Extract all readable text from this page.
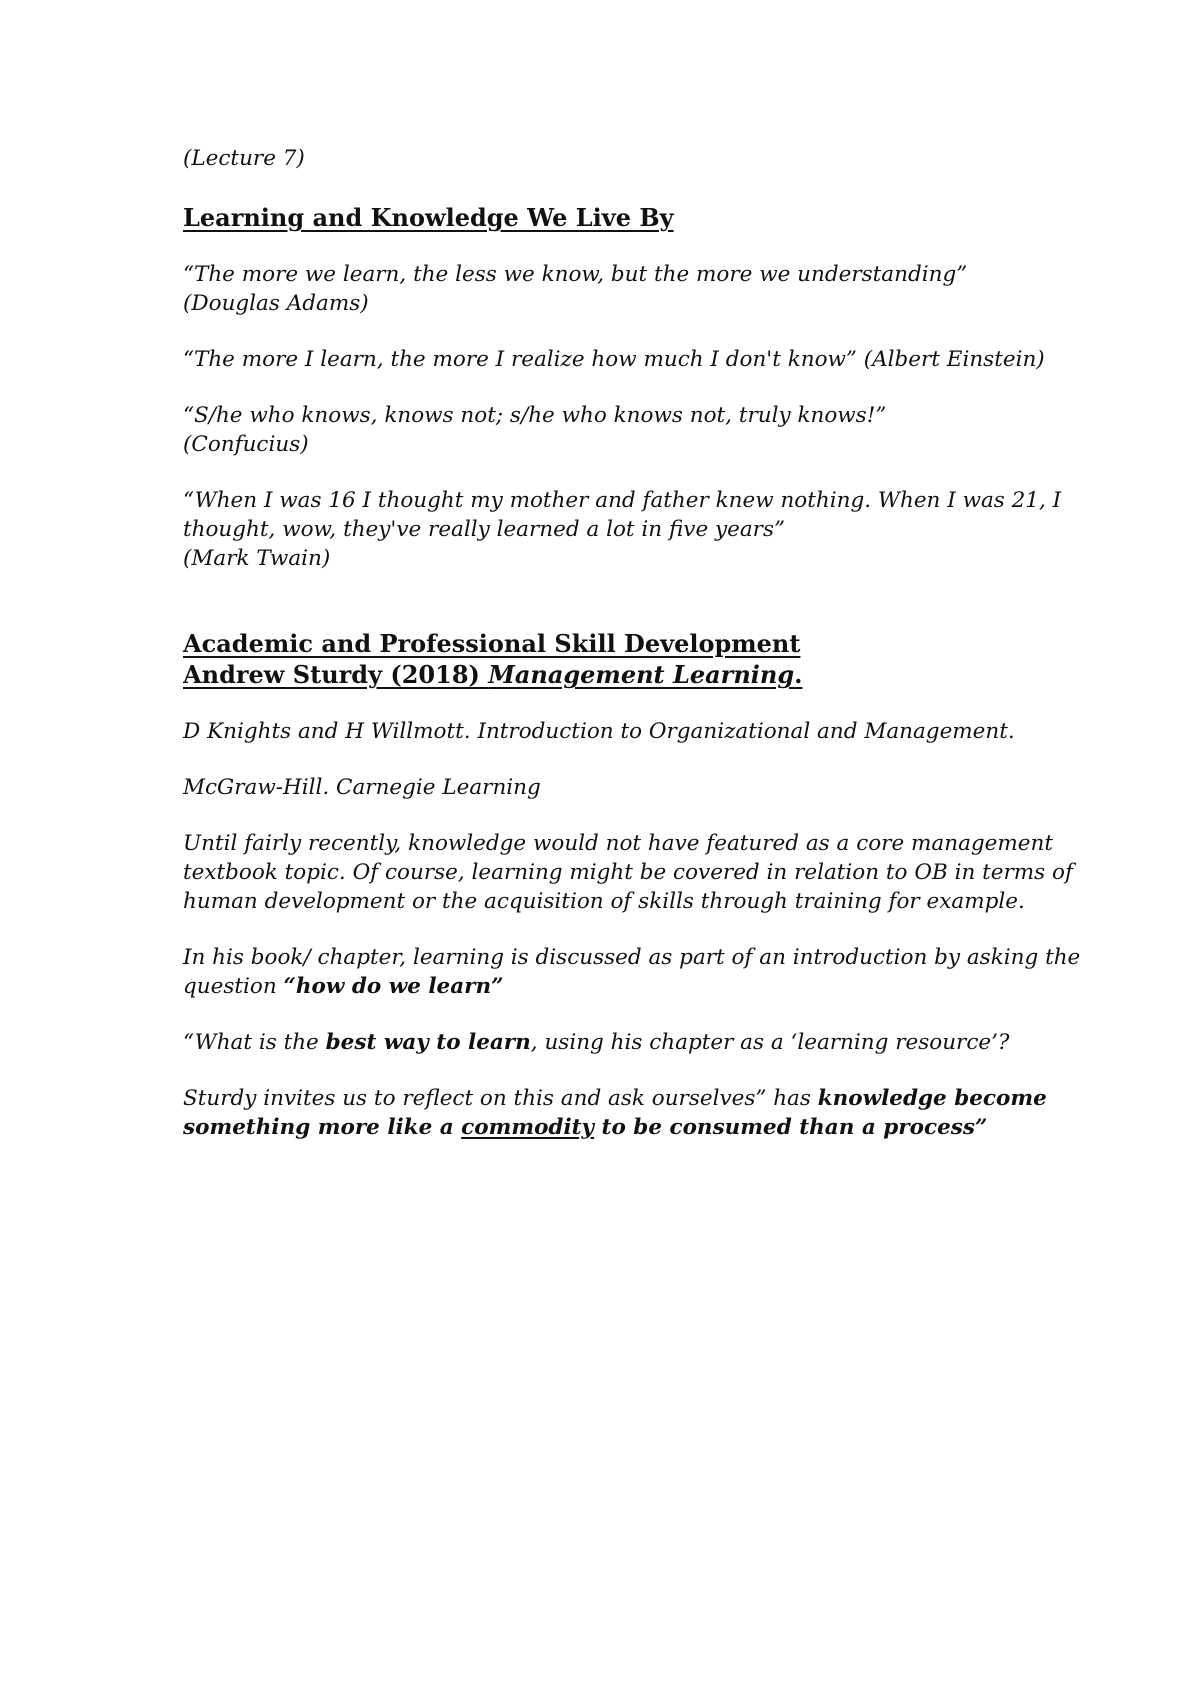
(Lecture 7)
Learning and Knowledge We Live By
“The more we learn, the less we know, but the more we understanding”
(Douglas Adams)
“The more I learn, the more I realize how much I don't know” (Albert Einstein)
“S/he who knows, knows not; s/he who knows not, truly knows!”
(Confucius)
“When I was 16 I thought my mother and father knew nothing. When I was 21, I
thought, wow, they've really learned a lot in five years”
(Mark Twain)
Academic and Professional Skill Development
Andrew Sturdy (2018) Management Learning.
D Knights and H Willmott. Introduction to Organizational and Management.
McGraw-Hill. Carnegie Learning
Until fairly recently, knowledge would not have featured as a core management
textbook topic. Of course, learning might be covered in relation to OB in terms of
human development or the acquisition of skills through training for example.
In his book/ chapter, learning is discussed as part of an introduction by asking the
question “how do we learn”
“What is the best way to learn, using his chapter as a ‘learning resource’?
Sturdy invites us to reflect on this and ask ourselves” has knowledge become
something more like a commodity to be consumed than a process”
